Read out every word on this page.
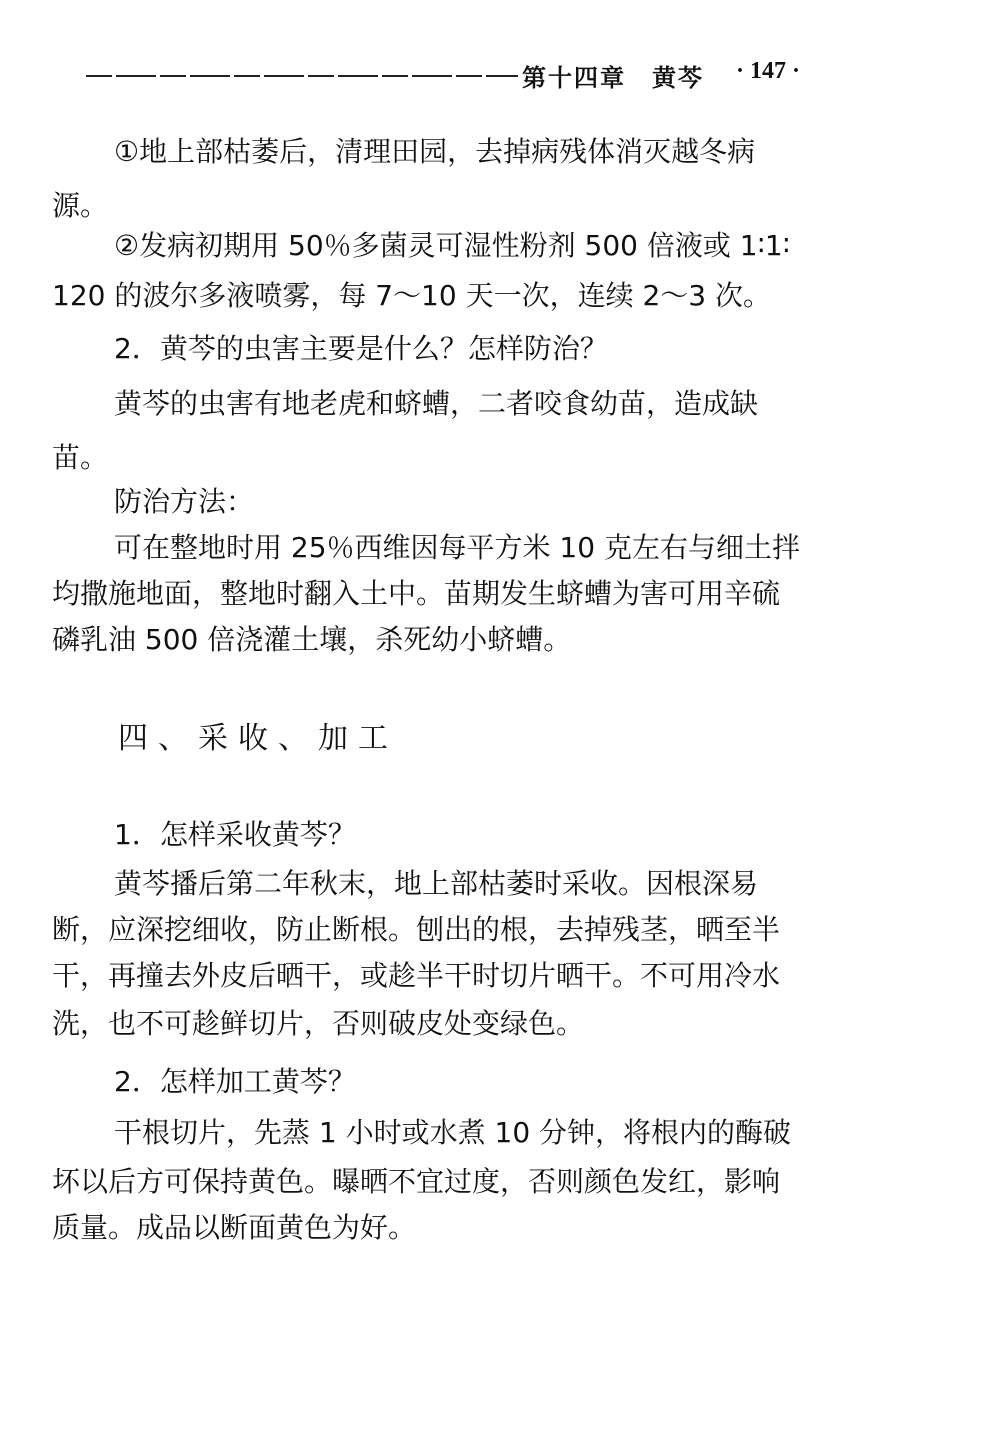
第十四章　黄芩 · 147 ·
①地上部枯萎后，清理田园，去掉病残体消灭越冬病
源。
②发病初期用 50％多菌灵可湿性粉剂 500 倍液或 1∶1∶
120 的波尔多液喷雾，每 7～10 天一次，连续 2～3 次。
2．黄芩的虫害主要是什么？怎样防治？
黄芩的虫害有地老虎和蛴螬，二者咬食幼苗，造成缺
苗。
防治方法：
可在整地时用 25％西维因每平方米 10 克左右与细土拌
均撒施地面，整地时翻入土中。苗期发生蛴螬为害可用辛硫
磷乳油 500 倍浇灌土壤，杀死幼小蛴螬。
四、采收、加工
1．怎样采收黄芩？
黄芩播后第二年秋末，地上部枯萎时采收。因根深易
断，应深挖细收，防止断根。刨出的根，去掉残茎，晒至半
干，再撞去外皮后晒干，或趁半干时切片晒干。不可用冷水
洗，也不可趁鲜切片，否则破皮处变绿色。
2．怎样加工黄芩？
干根切片，先蒸 1 小时或水煮 10 分钟，将根内的酶破
坏以后方可保持黄色。曝晒不宜过度，否则颜色发红，影响
质量。成品以断面黄色为好。
